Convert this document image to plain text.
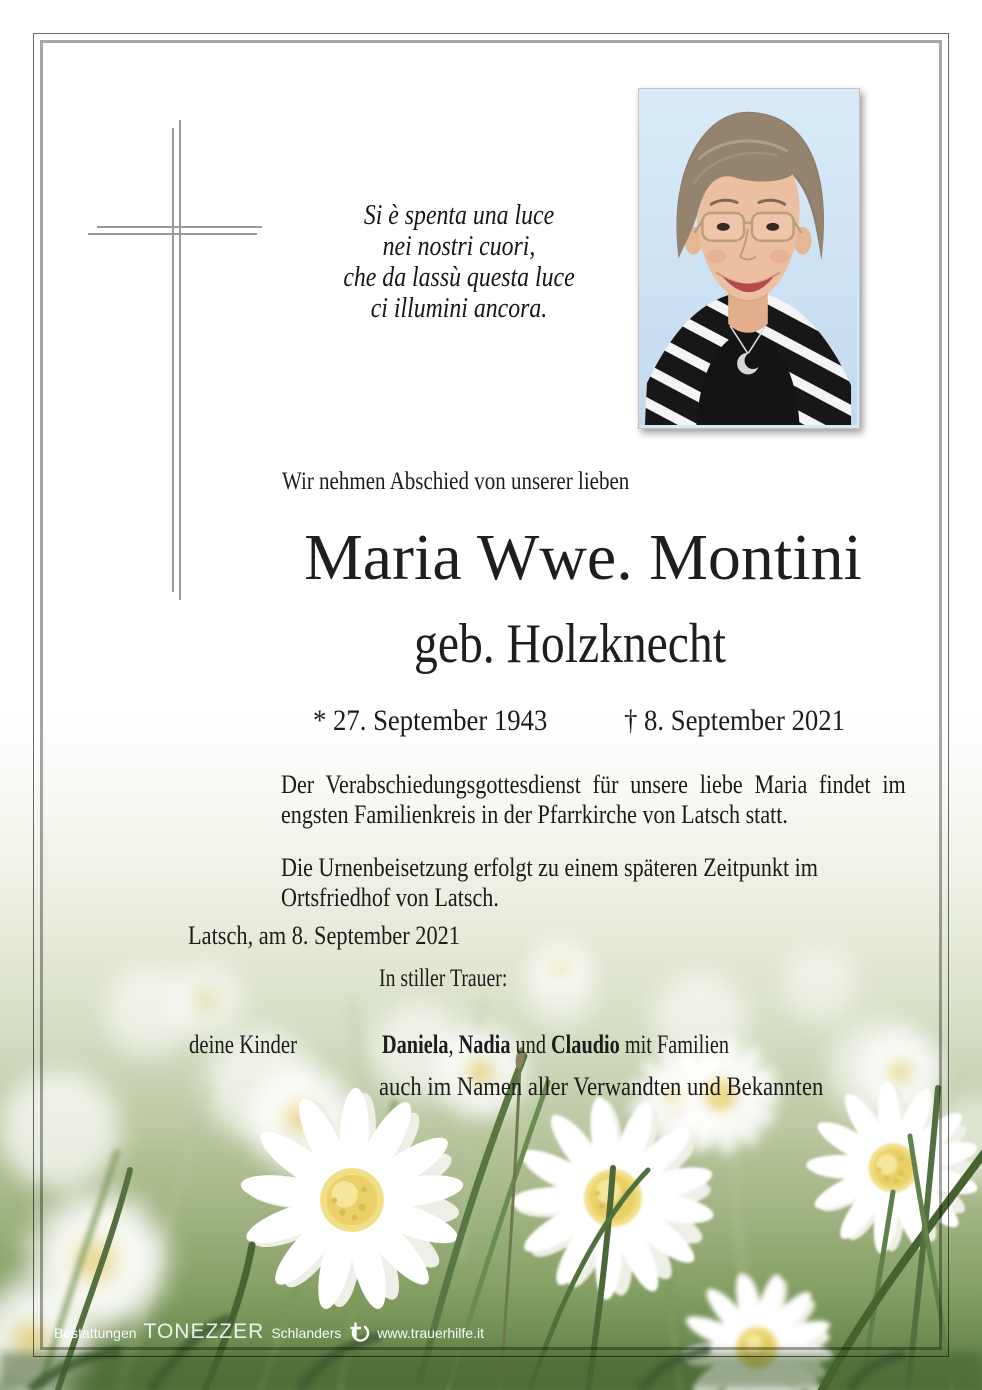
Si è spenta una luce
nei nostri cuori,
che da lassù questa luce
ci illumini ancora.
Wir nehmen Abschied von unserer lieben
Maria Wwe. Montini
geb. Holzknecht
* 27. September 1943	† 8. September 2021

Der Verabschiedungsgottesdienst für unsere liebe Maria findet im engsten Familienkreis in der Pfarrkirche von Latsch statt.

Die Urnenbeisetzung erfolgt zu einem späteren Zeitpunkt im Ortsfriedhof von Latsch.

Latsch, am 8. September 2021
In stiller Trauer:
deine Kinder	Daniela, Nadia und Claudio mit Familien
auch im Namen aller Verwandten und Bekannten
Bestattungen TONEZZER Schlanders	www.trauerhilfe.it
